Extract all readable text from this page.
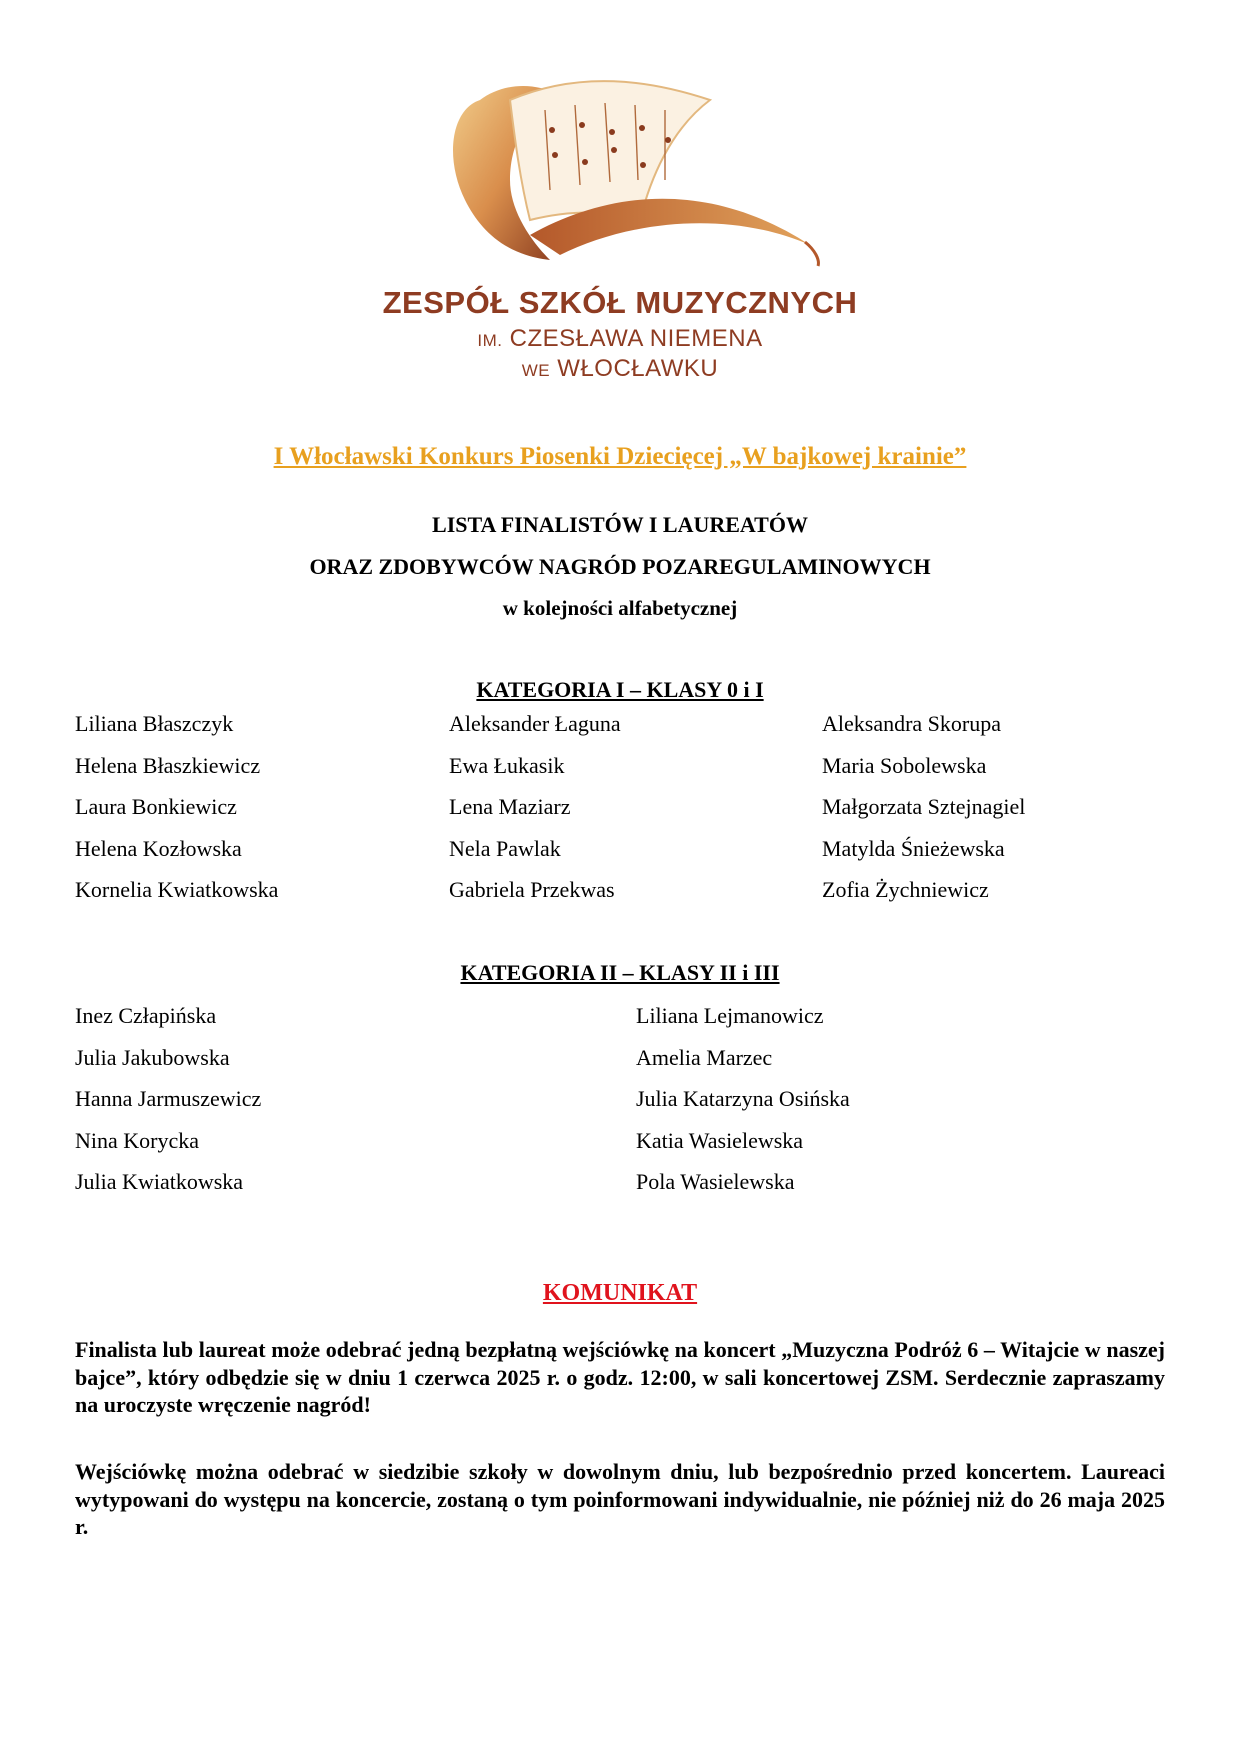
ZESPÓŁ SZKÓŁ MUZYCZNYCH
IM. CZESŁAWA NIEMENA
WE WŁOCŁAWKU
I Włocławski Konkurs Piosenki Dziecięcej „W bajkowej krainie”
LISTA FINALISTÓW I LAUREATÓW
ORAZ ZDOBYWCÓW NAGRÓD POZAREGULAMINOWYCH
w kolejności alfabetycznej
KATEGORIA I – KLASY 0 i I
Liliana Błaszczyk
Helena Błaszkiewicz
Laura Bonkiewicz
Helena Kozłowska
Kornelia Kwiatkowska
Aleksander Łaguna
Ewa Łukasik
Lena Maziarz
Nela Pawlak
Gabriela Przekwas
Aleksandra Skorupa
Maria Sobolewska
Małgorzata Sztejnagiel
Matylda Śnieżewska
Zofia Żychniewicz
KATEGORIA II – KLASY II i III
Inez Człapińska
Julia Jakubowska
Hanna Jarmuszewicz
Nina Korycka
Julia Kwiatkowska
Liliana Lejmanowicz
Amelia Marzec
Julia Katarzyna Osińska
Katia Wasielewska
Pola Wasielewska
KOMUNIKAT

Finalista lub laureat może odebrać jedną bezpłatną wejściówkę na koncert „Muzyczna Podróż 6 – Witajcie w naszej bajce”, który odbędzie się w dniu 1 czerwca 2025 r. o godz. 12:00, w sali koncertowej ZSM. Serdecznie zapraszamy na uroczyste wręczenie nagród!

Wejściówkę można odebrać w siedzibie szkoły w dowolnym dniu, lub bezpośrednio przed koncertem. Laureaci wytypowani do występu na koncercie, zostaną o tym poinformowani indywidualnie, nie później niż do 26 maja 2025 r.
